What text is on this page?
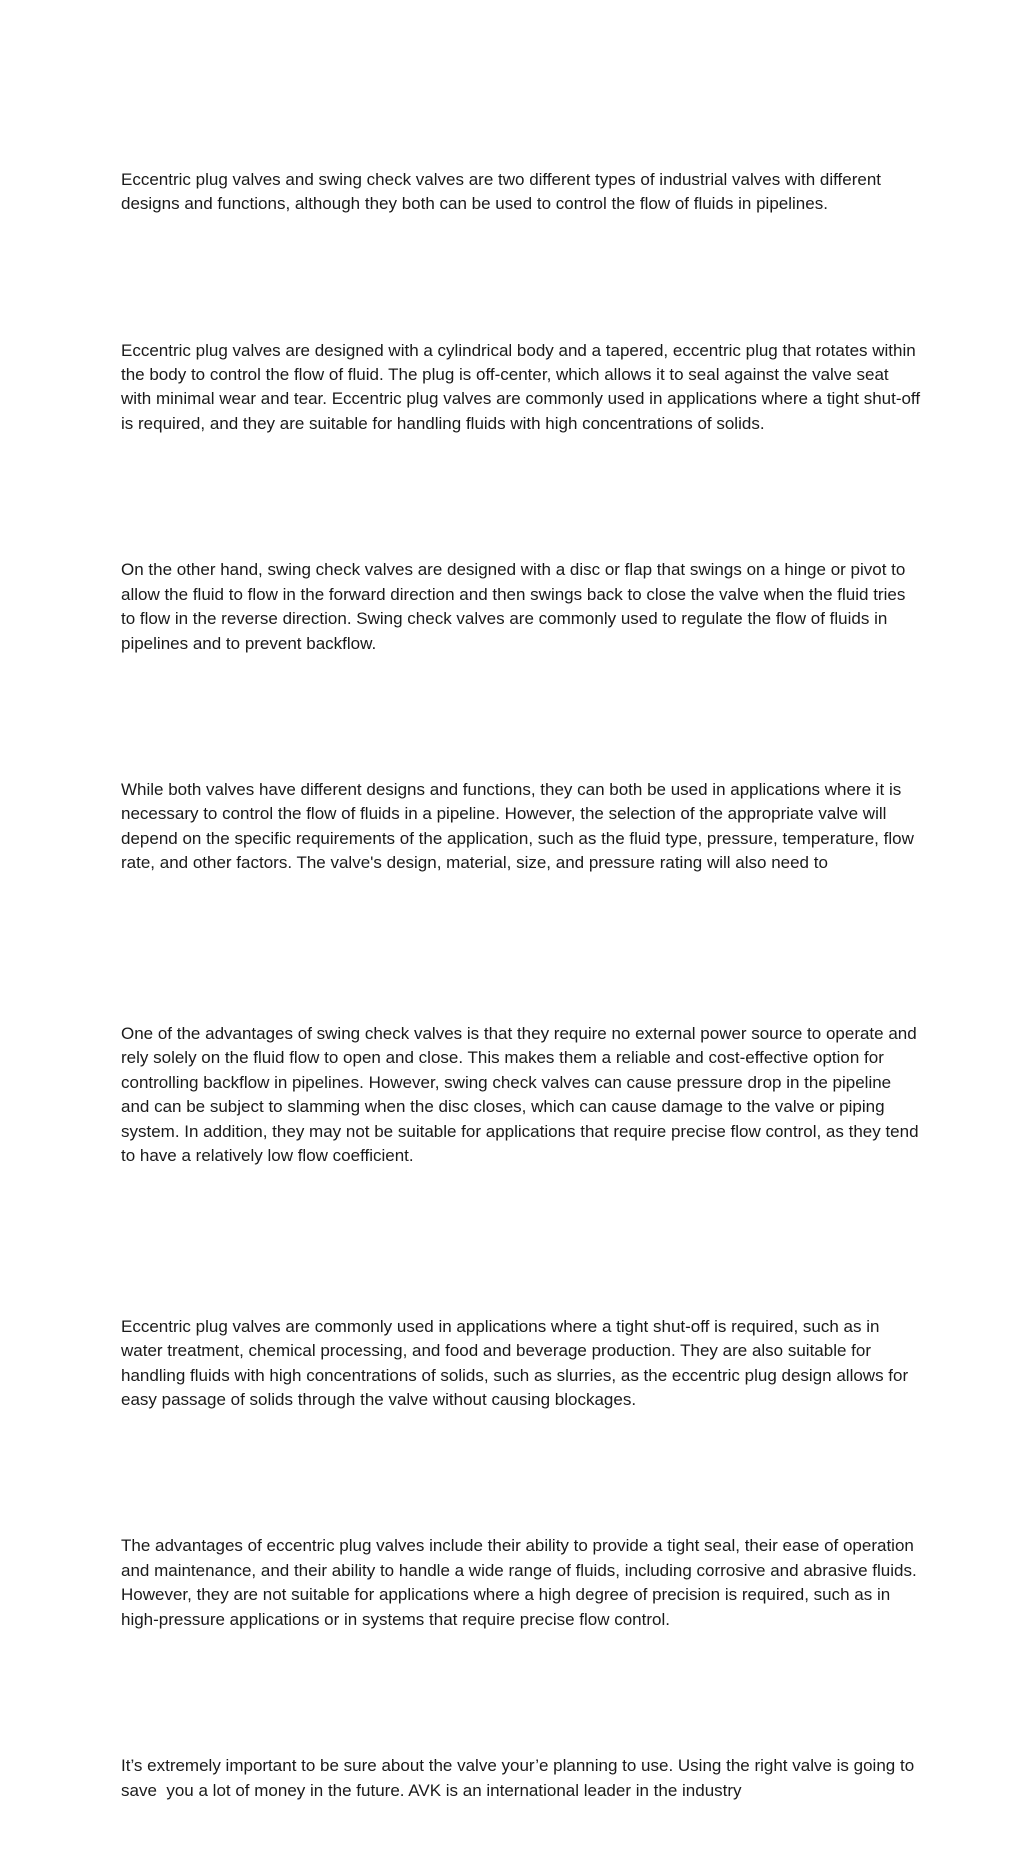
Eccentric plug valves and swing check valves are two different types of industrial valves with different designs and functions, although they both can be used to control the flow of fluids in pipelines.

Eccentric plug valves are designed with a cylindrical body and a tapered, eccentric plug that rotates within the body to control the flow of fluid. The plug is off-center, which allows it to seal against the valve seat with minimal wear and tear. Eccentric plug valves are commonly used in applications where a tight shut-off is required, and they are suitable for handling fluids with high concentrations of solids.

On the other hand, swing check valves are designed with a disc or flap that swings on a hinge or pivot to allow the fluid to flow in the forward direction and then swings back to close the valve when the fluid tries to flow in the reverse direction. Swing check valves are commonly used to regulate the flow of fluids in pipelines and to prevent backflow.

While both valves have different designs and functions, they can both be used in applications where it is necessary to control the flow of fluids in a pipeline. However, the selection of the appropriate valve will depend on the specific requirements of the application, such as the fluid type, pressure, temperature, flow rate, and other factors. The valve's design, material, size, and pressure rating will also need to

One of the advantages of swing check valves is that they require no external power source to operate and rely solely on the fluid flow to open and close. This makes them a reliable and cost-effective option for controlling backflow in pipelines. However, swing check valves can cause pressure drop in the pipeline and can be subject to slamming when the disc closes, which can cause damage to the valve or piping system. In addition, they may not be suitable for applications that require precise flow control, as they tend to have a relatively low flow coefficient.

Eccentric plug valves are commonly used in applications where a tight shut-off is required, such as in water treatment, chemical processing, and food and beverage production. They are also suitable for handling fluids with high concentrations of solids, such as slurries, as the eccentric plug design allows for easy passage of solids through the valve without causing blockages.

The advantages of eccentric plug valves include their ability to provide a tight seal, their ease of operation and maintenance, and their ability to handle a wide range of fluids, including corrosive and abrasive fluids. However, they are not suitable for applications where a high degree of precision is required, such as in high-pressure applications or in systems that require precise flow control.

It’s extremely important to be sure about the valve your’e planning to use. Using the right valve is going to save  you a lot of money in the future. AVK is an international leader in the industry
